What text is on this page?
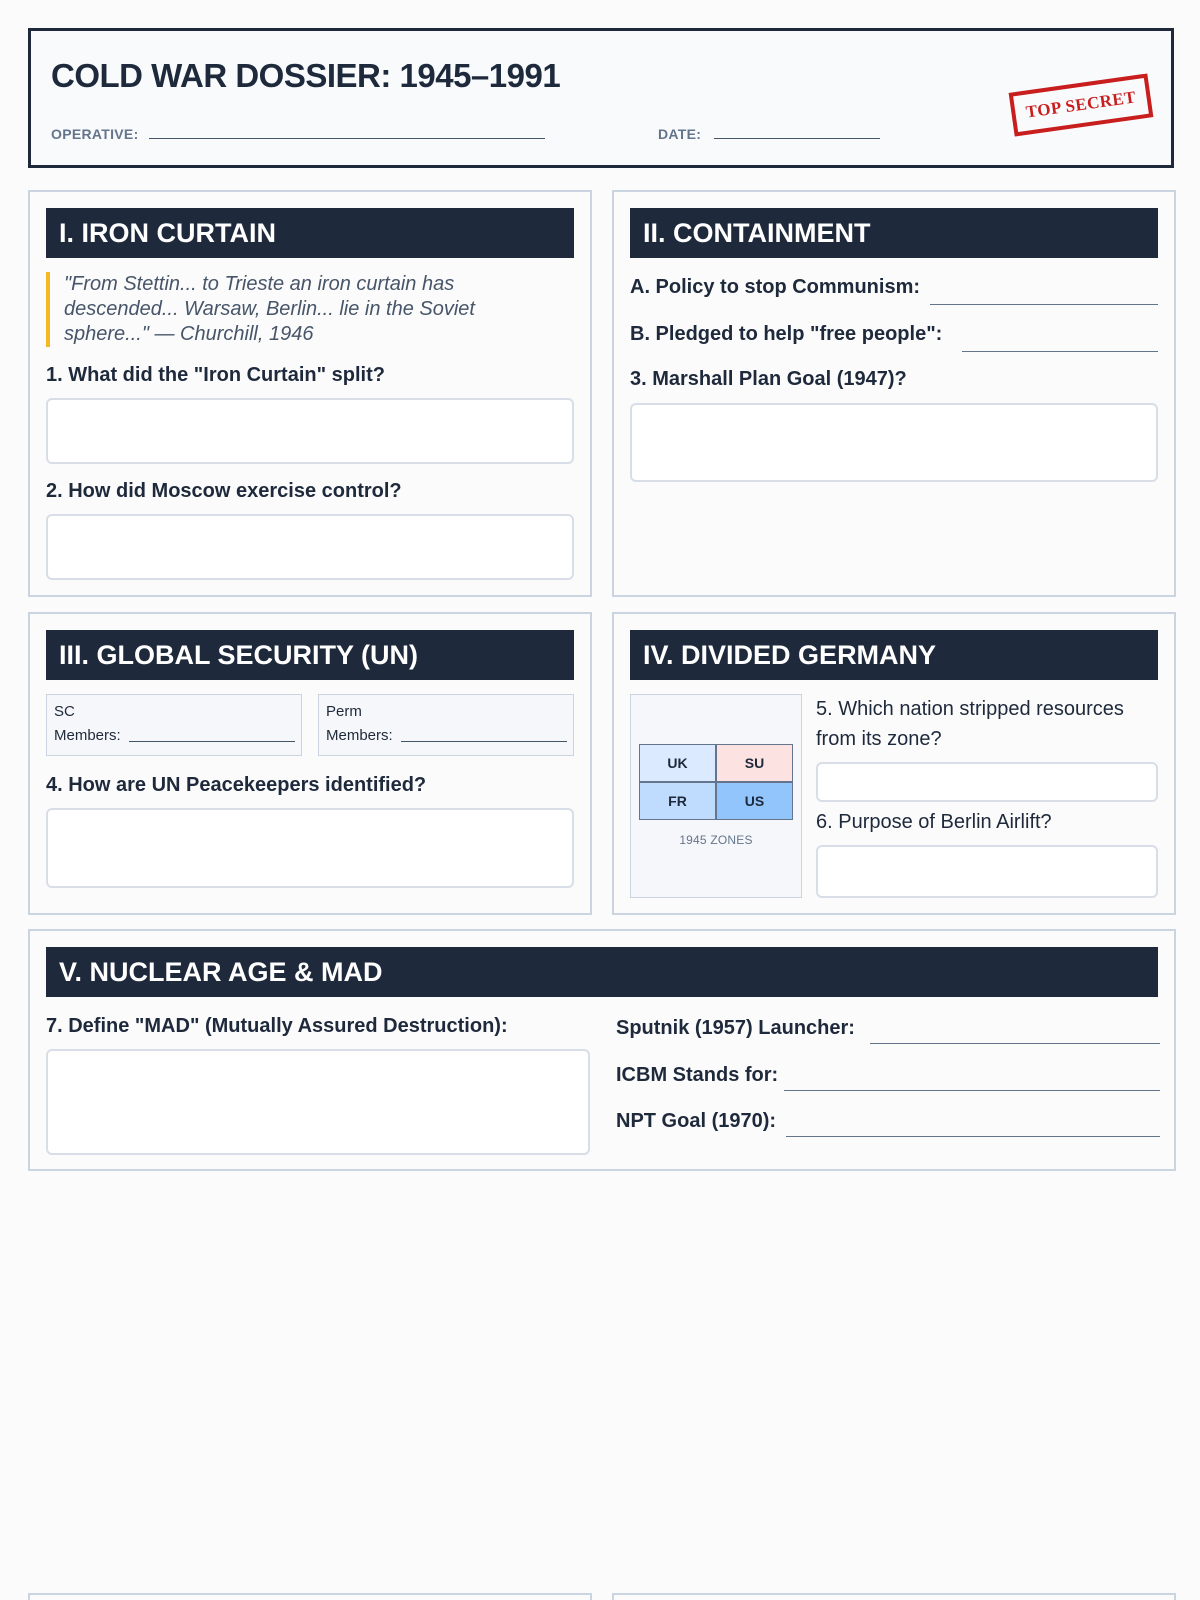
COLD WAR DOSSIER: 1945–1991
OPERATIVE:	DATE:
TOP SECRET
I. IRON CURTAIN
"From Stettin... to Trieste an iron curtain has descended... Warsaw, Berlin... lie in the Soviet sphere..." — Churchill, 1946
1. What did the "Iron Curtain" split?
2. How did Moscow exercise control?
II. CONTAINMENT
A. Policy to stop Communism:
B. Pledged to help "free people":
3. Marshall Plan Goal (1947)?
III. GLOBAL SECURITY (UN)
SC
Members:
Perm
Members:
4. How are UN Peacekeepers identified?
IV. DIVIDED GERMANY
UK	SU
FR	US
1945 ZONES
5. Which nation stripped resources from its zone?
6. Purpose of Berlin Airlift?
V. NUCLEAR AGE & MAD
7. Define "MAD" (Mutually Assured Destruction):	Sputnik (1957) Launcher:
ICBM Stands for:
NPT Goal (1970):
